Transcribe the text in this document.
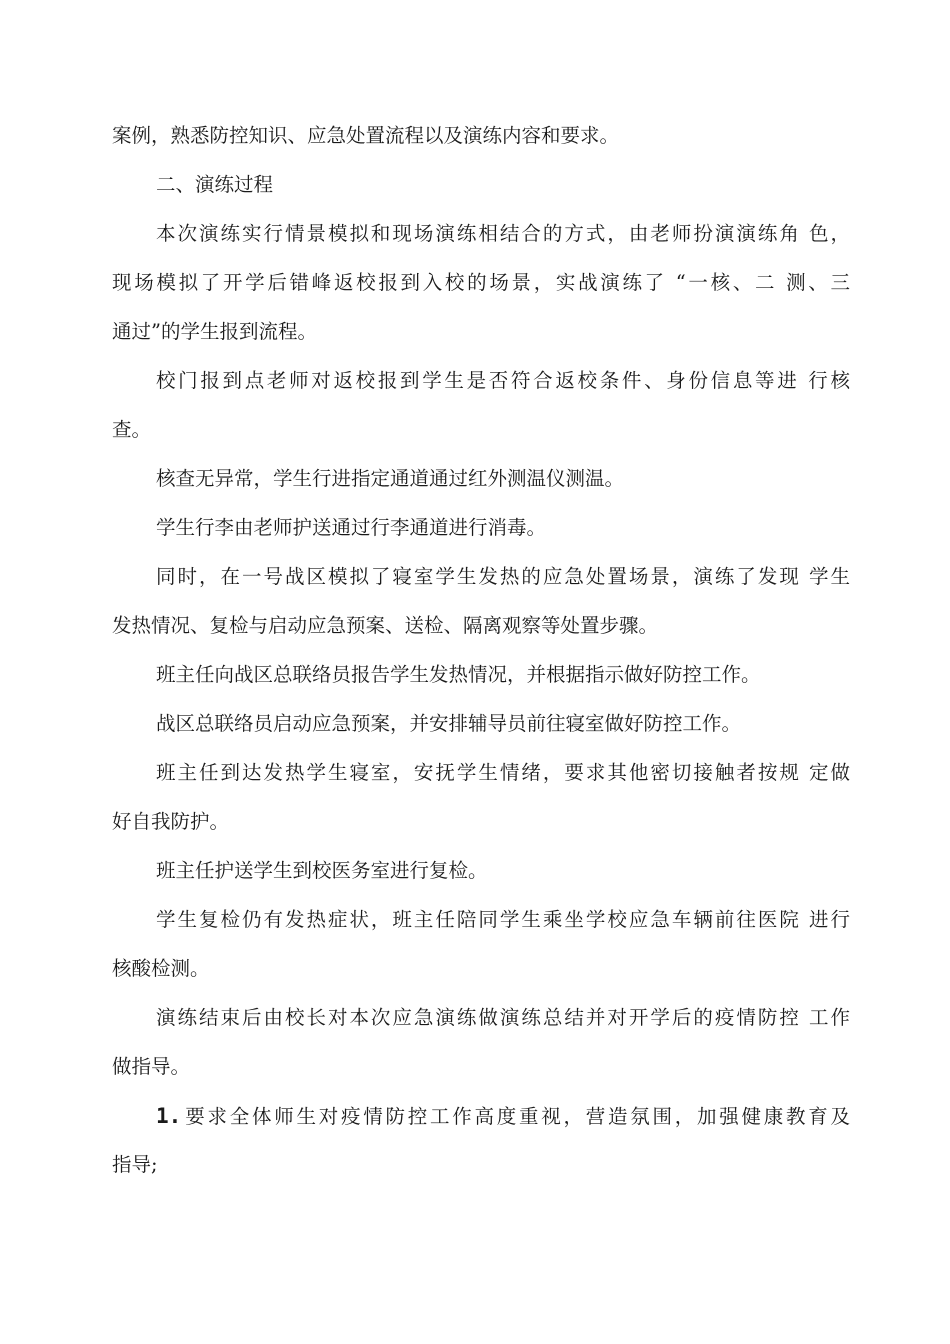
案例，熟悉防控知识、应急处置流程以及演练内容和要求。

二、演练过程

本次演练实行情景模拟和现场演练相结合的方式，由老师扮演演练角 色，

现场模拟了开学后错峰返校报到入校的场景，实战演练了 “一核、二 测、三

通过”的学生报到流程。

校门报到点老师对返校报到学生是否符合返校条件、身份信息等进 行核

查。

核查无异常，学生行进指定通道通过红外测温仪测温。

学生行李由老师护送通过行李通道进行消毒。

同时，在一号战区模拟了寝室学生发热的应急处置场景，演练了发现 学生

发热情况、复检与启动应急预案、送检、隔离观察等处置步骤。

班主任向战区总联络员报告学生发热情况，并根据指示做好防控工作。

战区总联络员启动应急预案，并安排辅导员前往寝室做好防控工作。

班主任到达发热学生寝室，安抚学生情绪，要求其他密切接触者按规 定做

好自我防护。

班主任护送学生到校医务室进行复检。

学生复检仍有发热症状，班主任陪同学生乘坐学校应急车辆前往医院 进行

核酸检测。

演练结束后由校长对本次应急演练做演练总结并对开学后的疫情防控 工作

做指导。

1. 要求全体师生对疫情防控工作高度重视，营造氛围，加强健康教育及

指导;
